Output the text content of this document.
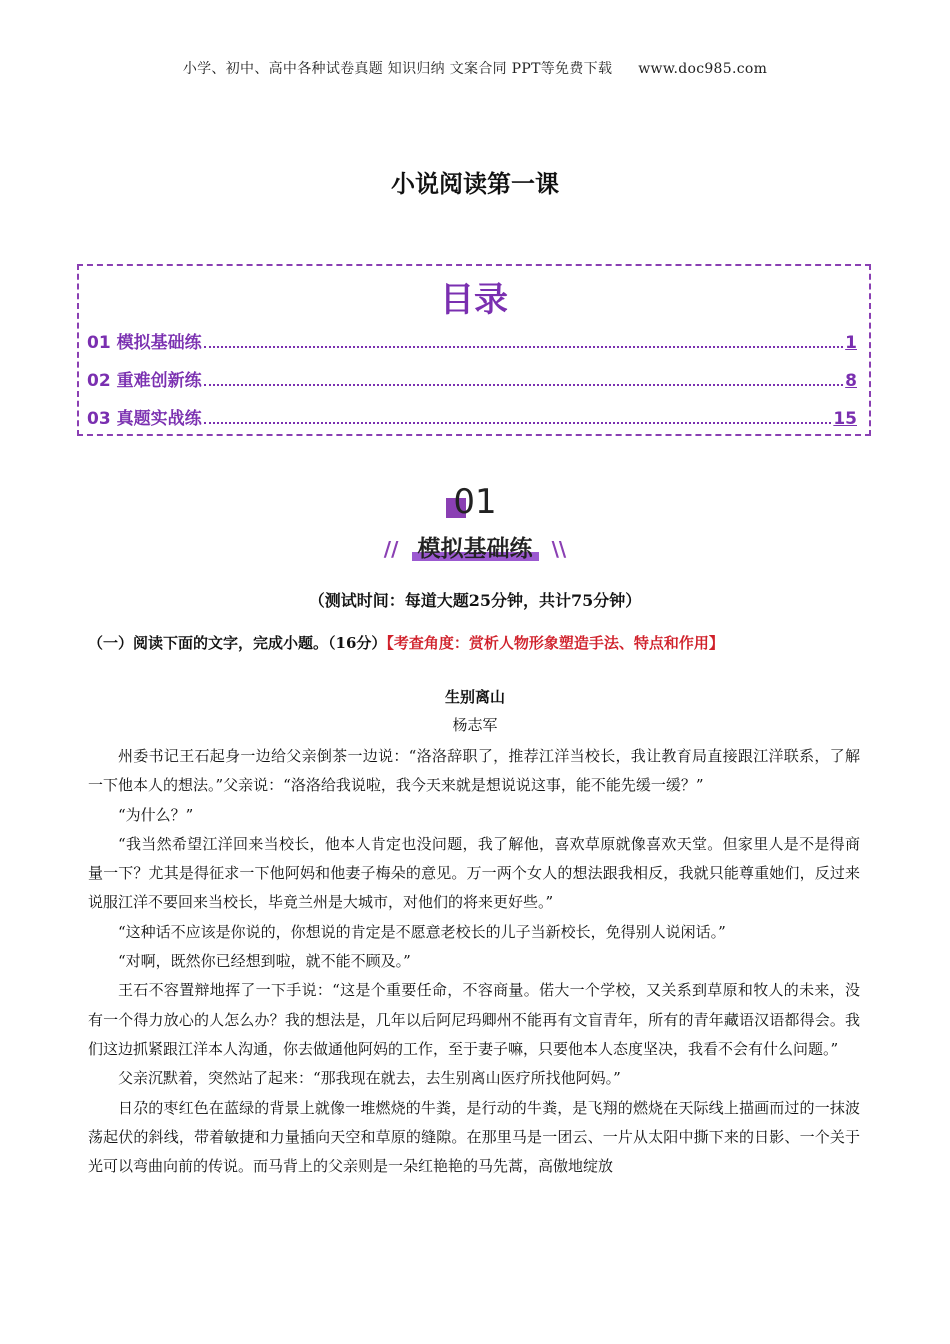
小学、初中、高中各种试卷真题 知识归纳 文案合同 PPT等免费下载 www.doc985.com
小说阅读第一课
目录
01 模拟基础练	1
02 重难创新练	8
03 真题实战练	15
01
// 模拟基础练 \\
（测试时间：每道大题25分钟，共计75分钟）
（一）阅读下面的文字，完成小题。（16分）【考查角度：赏析人物形象塑造手法、特点和作用】
生别离山
杨志军

州委书记王石起身一边给父亲倒茶一边说：“洛洛辞职了，推荐江洋当校长，我让教育局直接跟江洋联系，了解一下他本人的想法。”父亲说：“洛洛给我说啦，我今天来就是想说说这事，能不能先缓一缓？”

“为什么？”

“我当然希望江洋回来当校长，他本人肯定也没问题，我了解他，喜欢草原就像喜欢天堂。但家里人是不是得商量一下？尤其是得征求一下他阿妈和他妻子梅朵的意见。万一两个女人的想法跟我相反，我就只能尊重她们，反过来说服江洋不要回来当校长，毕竟兰州是大城市，对他们的将来更好些。”

“这种话不应该是你说的，你想说的肯定是不愿意老校长的儿子当新校长，免得别人说闲话。”

“对啊，既然你已经想到啦，就不能不顾及。”

王石不容置辩地挥了一下手说：“这是个重要任命，不容商量。偌大一个学校，又关系到草原和牧人的未来，没有一个得力放心的人怎么办？我的想法是，几年以后阿尼玛卿州不能再有文盲青年，所有的青年藏语汉语都得会。我们这边抓紧跟江洋本人沟通，你去做通他阿妈的工作，至于妻子嘛，只要他本人态度坚决，我看不会有什么问题。”

父亲沉默着，突然站了起来：“那我现在就去，去生别离山医疗所找他阿妈。”

日尕的枣红色在蓝绿的背景上就像一堆燃烧的牛粪，是行动的牛粪，是飞翔的燃烧在天际线上描画而过的一抹波荡起伏的斜线，带着敏捷和力量插向天空和草原的缝隙。在那里马是一团云、一片从太阳中撕下来的日影、一个关于光可以弯曲向前的传说。而马背上的父亲则是一朵红艳艳的马先蒿，高傲地绽放
